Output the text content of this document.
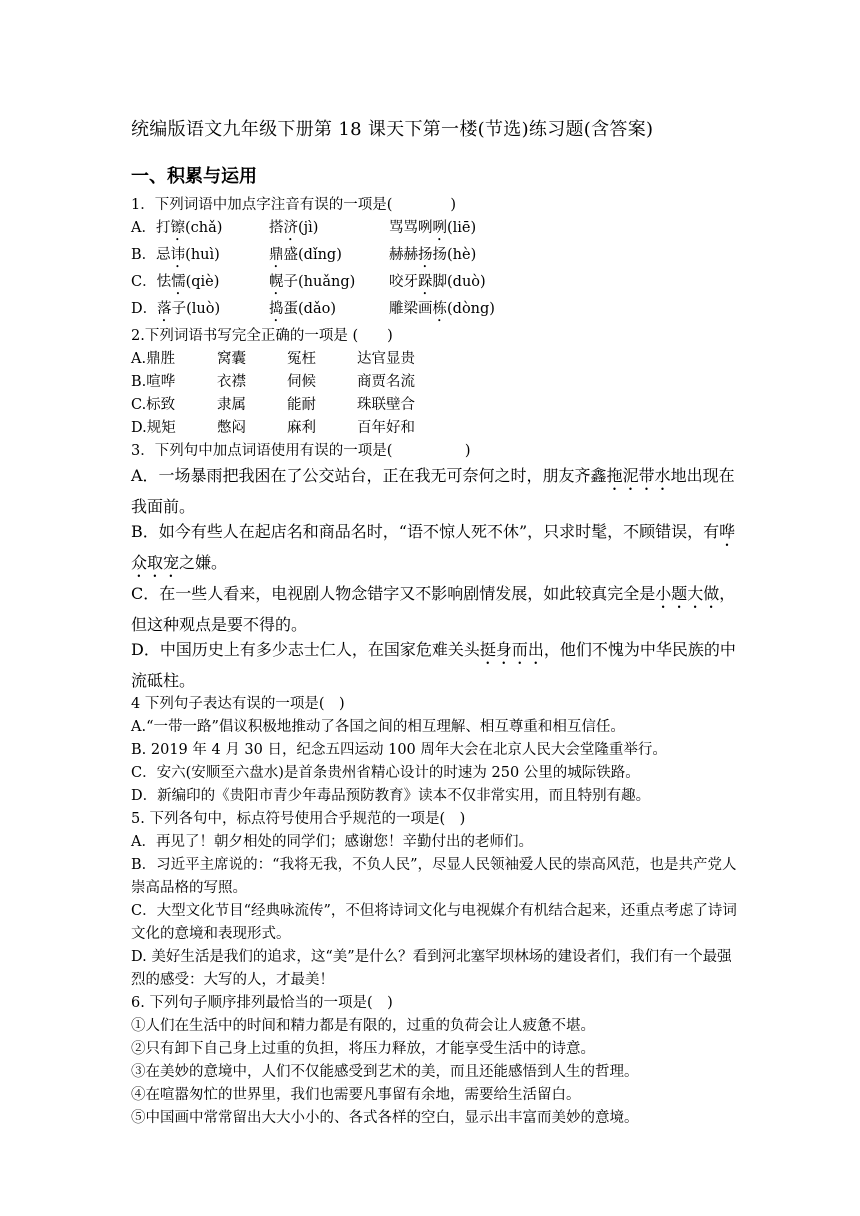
统编版语文九年级下册第 18 课天下第一楼(节选)练习题(含答案)
一、积累与运用
1．下列词语中加点字注音有误的一项是(　　　　)
A．打镲(chǎ)	搭济(jì)	骂骂咧咧(liē)
B．忌讳(huì)	鼎盛(dǐng)	赫赫扬扬(hè)
C．怯懦(qiè)	幌子(huǎng) 咬牙跺脚(duò)
D．落子(luò)	捣蛋(dǎo)	雕梁画栋(dòng)
2.下列词语书写完全正确的一项是 (　　)
A.鼎胜	窝囊	冤枉	达官显贵
B.喧哗	衣襟	伺候	商贾名流
C.标致	隶属	能耐	珠联壁合
D.规矩	憋闷	麻利	百年好和
3．下列句中加点词语使用有误的一项是(　　　　　)
A．一场暴雨把我困在了公交站台，正在我无可奈何之时，朋友齐鑫拖泥带水地出现在我面前。
B．如今有些人在起店名和商品名时，“语不惊人死不休”，只求时髦，不顾错误，有哗众取宠之嫌。
C．在一些人看来，电视剧人物念错字又不影响剧情发展，如此较真完全是小题大做，但这种观点是要不得的。
D．中国历史上有多少志士仁人，在国家危难关头挺身而出，他们不愧为中华民族的中流砥柱。
4 下列句子表达有误的一项是(　)
A.“一带一路”倡议积极地推动了各国之间的相互理解、相互尊重和相互信任。
B. 2019 年 4 月 30 日，纪念五四运动 100 周年大会在北京人民大会堂隆重举行。
C．安六(安顺至六盘水)是首条贵州省精心设计的时速为 250 公里的城际铁路。
D．新编印的《贵阳市青少年毒品预防教育》读本不仅非常实用，而且特别有趣。
5. 下列各句中，标点符号使用合乎规范的一项是(　)
A．再见了！朝夕相处的同学们；感谢您！辛勤付出的老师们。
B．习近平主席说的：“我将无我，不负人民”，尽显人民领袖爱人民的崇高风范，也是共产党人崇高品格的写照。
C．大型文化节目“经典咏流传”，不但将诗词文化与电视媒介有机结合起来，还重点考虑了诗词文化的意境和表现形式。
D. 美好生活是我们的追求，这“美”是什么？看到河北塞罕坝林场的建设者们，我们有一个最强烈的感受：大写的人，才最美！
6. 下列句子顺序排列最恰当的一项是(　)
①人们在生活中的时间和精力都是有限的，过重的负荷会让人疲惫不堪。
②只有卸下自己身上过重的负担，将压力释放，才能享受生活中的诗意。
③在美妙的意境中，人们不仅能感受到艺术的美，而且还能感悟到人生的哲理。
④在喧嚣匆忙的世界里，我们也需要凡事留有余地，需要给生活留白。
⑤中国画中常常留出大大小小的、各式各样的空白，显示出丰富而美妙的意境。
